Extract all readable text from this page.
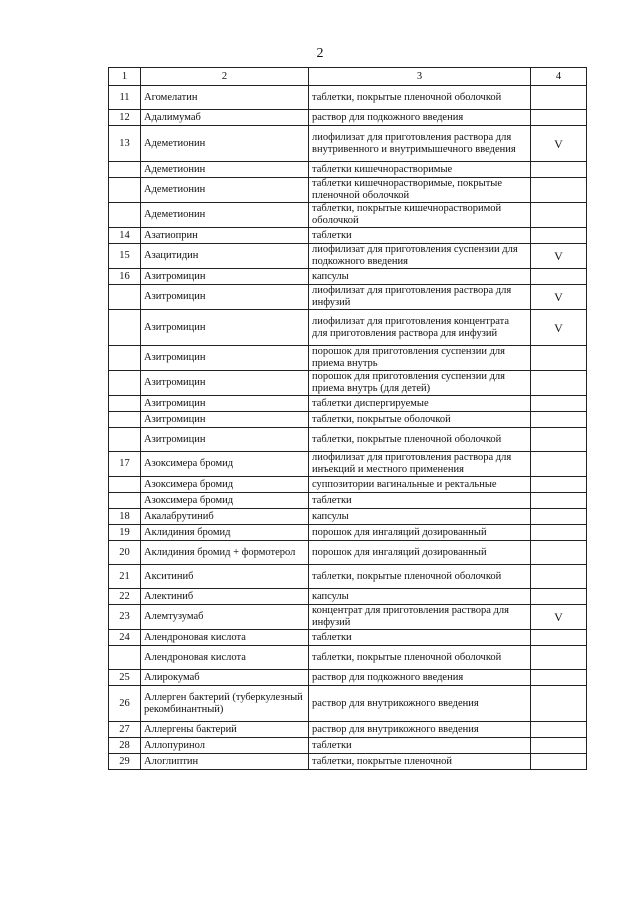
2
1	2	3	4
11	Агомелатин	таблетки, покрытые пленочной оболочкой	
12	Адалимумаб	раствор для подкожного введения	
13	Адеметионин	лиофилизат для приготовления раствора для внутривенного и внутримышечного введения	V
	Адеметионин	таблетки кишечнорастворимые	
	Адеметионин	таблетки кишечнорастворимые, покрытые пленочной оболочкой	
	Адеметионин	таблетки, покрытые кишечнорастворимой оболочкой	
14	Азатиоприн	таблетки	
15	Азацитидин	лиофилизат для приготовления суспензии для подкожного введения	V
16	Азитромицин	капсулы	
	Азитромицин	лиофилизат для приготовления раствора для инфузий	V
	Азитромицин	лиофилизат для приготовления концентрата для приготовления раствора для инфузий	V
	Азитромицин	порошок для приготовления суспензии для приема внутрь	
	Азитромицин	порошок для приготовления суспензии для приема внутрь (для детей)	
	Азитромицин	таблетки диспергируемые	
	Азитромицин	таблетки, покрытые оболочкой	
	Азитромицин	таблетки, покрытые пленочной оболочкой	
17	Азоксимера бромид	лиофилизат для приготовления раствора для инъекций и местного применения	
	Азоксимера бромид	суппозитории вагинальные и ректальные	
	Азоксимера бромид	таблетки	
18	Акалабрутиниб	капсулы	
19	Аклидиния бромид	порошок для ингаляций дозированный	
20	Аклидиния бромид + формотерол	порошок для ингаляций дозированный	
21	Акситиниб	таблетки, покрытые пленочной оболочкой	
22	Алектиниб	капсулы	
23	Алемтузумаб	концентрат для приготовления раствора для инфузий	V
24	Алендроновая кислота	таблетки	
	Алендроновая кислота	таблетки, покрытые пленочной оболочкой	
25	Алирокумаб	раствор для подкожного введения	
26	Аллерген бактерий (туберкулезный рекомбинантный)	раствор для внутрикожного введения	
27	Аллергены бактерий	раствор для внутрикожного введения	
28	Аллопуринол	таблетки	
29	Алоглиптин	таблетки, покрытые пленочной	
